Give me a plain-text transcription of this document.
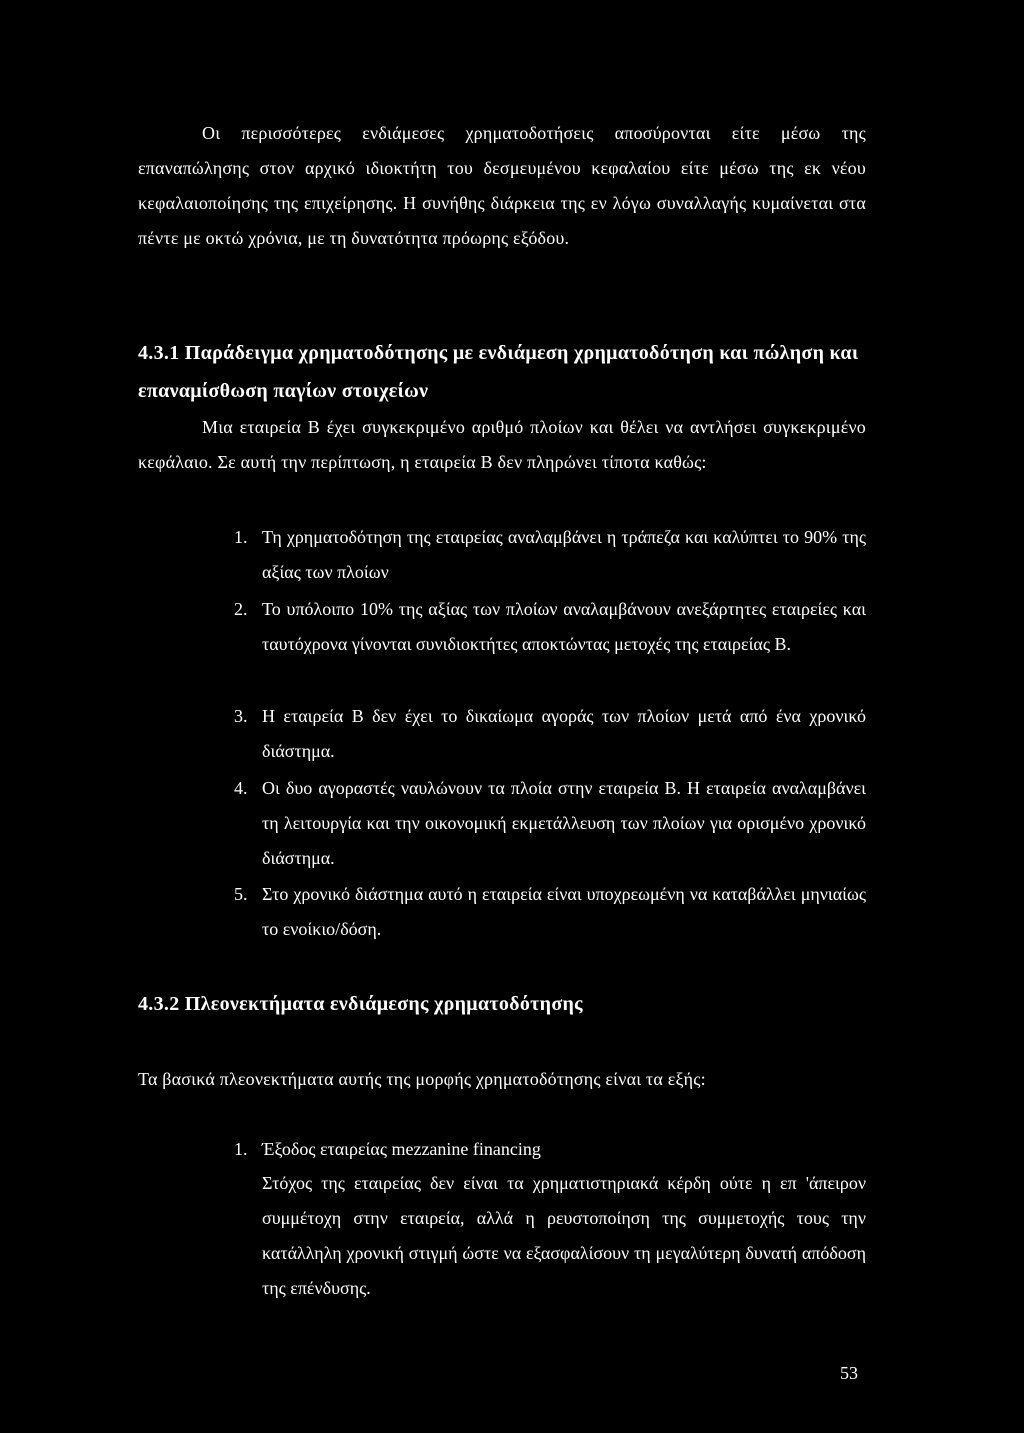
Οι περισσότερες ενδιάμεσες χρηματοδοτήσεις αποσύρονται είτε μέσω της επαναπώλησης στον αρχικό ιδιοκτήτη του δεσμευμένου κεφαλαίου είτε μέσω της εκ νέου κεφαλαιοποίησης της επιχείρησης. Η συνήθης διάρκεια της εν λόγω συναλλαγής κυμαίνεται στα πέντε με οκτώ χρόνια, με τη δυνατότητα πρόωρης εξόδου.

4.3.1 Παράδειγμα χρηματοδότησης με ενδιάμεση χρηματοδότηση και πώληση και επαναμίσθωση παγίων στοιχείων

Μια εταιρεία Β έχει συγκεκριμένο αριθμό πλοίων και θέλει να αντλήσει συγκεκριμένο κεφάλαιο. Σε αυτή την περίπτωση, η εταιρεία Β δεν πληρώνει τίποτα καθώς:

1. Τη χρηματοδότηση της εταιρείας αναλαμβάνει η τράπεζα και καλύπτει το 90% της αξίας των πλοίων
2. Το υπόλοιπο 10% της αξίας των πλοίων αναλαμβάνουν ανεξάρτητες εταιρείες και ταυτόχρονα γίνονται συνιδιοκτήτες αποκτώντας μετοχές της εταιρείας Β.
3. Η εταιρεία Β δεν έχει το δικαίωμα αγοράς των πλοίων μετά από ένα χρονικό διάστημα.
4. Οι δυο αγοραστές ναυλώνουν τα πλοία στην εταιρεία Β. Η εταιρεία αναλαμβάνει τη λειτουργία και την οικονομική εκμετάλλευση των πλοίων για ορισμένο χρονικό διάστημα.
5. Στο χρονικό διάστημα αυτό η εταιρεία είναι υποχρεωμένη να καταβάλλει μηνιαίως το ενοίκιο/δόση.
4.3.2 Πλεονεκτήματα ενδιάμεσης χρηματοδότησης

Τα βασικά πλεονεκτήματα αυτής της μορφής χρηματοδότησης είναι τα εξής:

1. Έξοδος εταιρείας mezzanine financing
Στόχος της εταιρείας δεν είναι τα χρηματιστηριακά κέρδη ούτε η επ 'άπειρον συμμέτοχη στην εταιρεία, αλλά η ρευστοποίηση της συμμετοχής τους την κατάλληλη χρονική στιγμή ώστε να εξασφαλίσουν τη μεγαλύτερη δυνατή απόδοση της επένδυσης.
53
